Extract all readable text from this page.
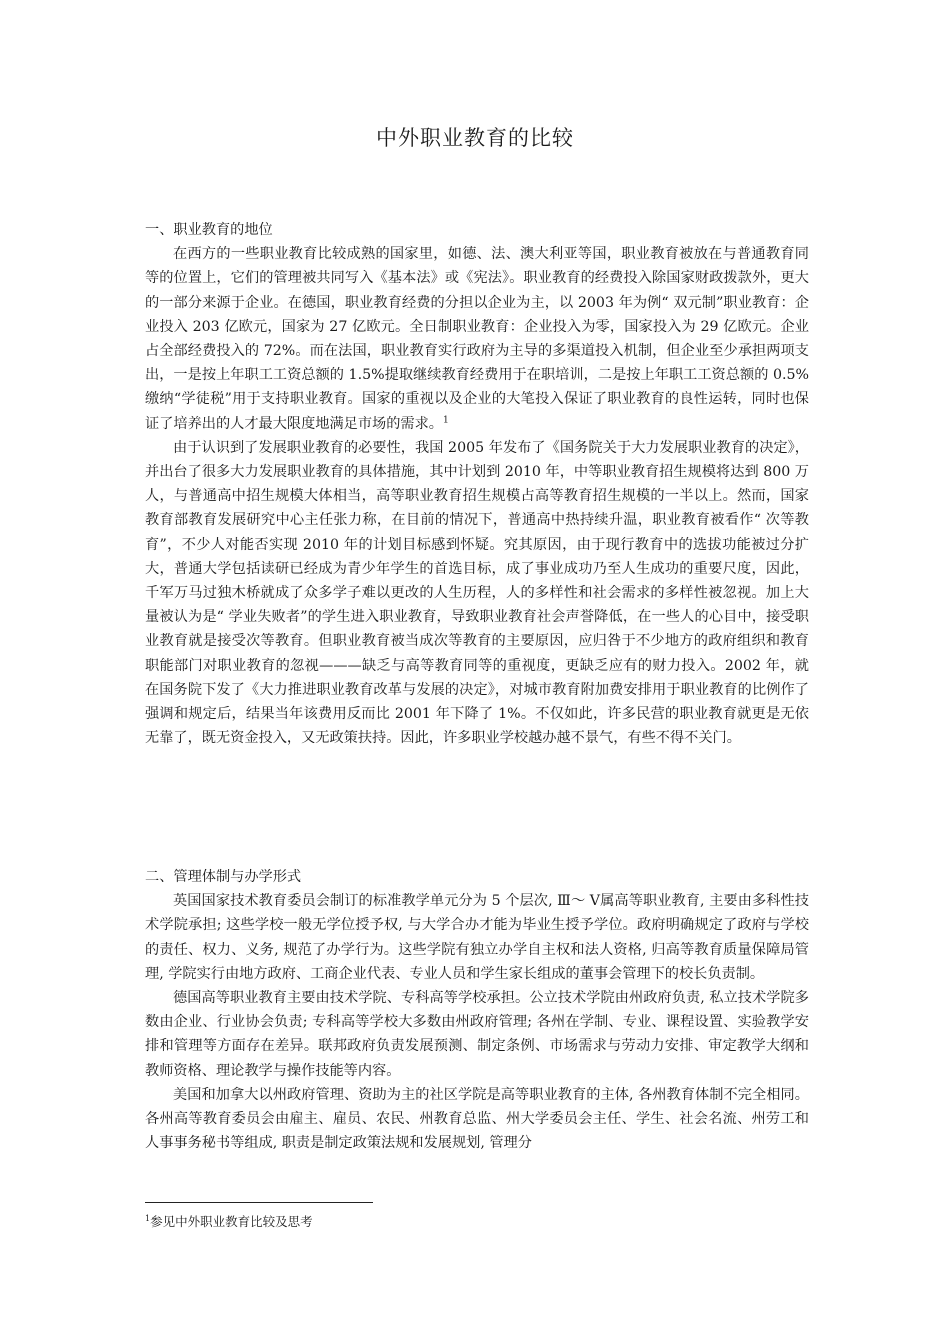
中外职业教育的比较

一、职业教育的地位

在西方的一些职业教育比较成熟的国家里，如德、法、澳大利亚等国，职业教育被放在与普通教育同等的位置上，它们的管理被共同写入《基本法》或《宪法》。职业教育的经费投入除国家财政拨款外，更大的一部分来源于企业。在德国，职业教育经费的分担以企业为主，以 2003 年为例“ 双元制”职业教育：企业投入 203 亿欧元，国家为 27 亿欧元。全日制职业教育：企业投入为零，国家投入为 29 亿欧元。企业占全部经费投入的 72%。而在法国，职业教育实行政府为主导的多渠道投入机制，但企业至少承担两项支出，一是按上年职工工资总额的 1.5%提取继续教育经费用于在职培训，二是按上年职工工资总额的 0.5%缴纳“学徒税”用于支持职业教育。国家的重视以及企业的大笔投入保证了职业教育的良性运转，同时也保证了培养出的人才最大限度地满足市场的需求。$^1$

由于认识到了发展职业教育的必要性，我国 2005 年发布了《国务院关于大力发展职业教育的决定》，并出台了很多大力发展职业教育的具体措施，其中计划到 2010 年，中等职业教育招生规模将达到 800 万人，与普通高中招生规模大体相当，高等职业教育招生规模占高等教育招生规模的一半以上。然而，国家教育部教育发展研究中心主任张力称，在目前的情况下，普通高中热持续升温，职业教育被看作“ 次等教育”，不少人对能否实现 2010 年的计划目标感到怀疑。究其原因，由于现行教育中的选拔功能被过分扩大，普通大学包括读研已经成为青少年学生的首选目标，成了事业成功乃至人生成功的重要尺度，因此，千军万马过独木桥就成了众多学子难以更改的人生历程，人的多样性和社会需求的多样性被忽视。加上大量被认为是“ 学业失败者”的学生进入职业教育，导致职业教育社会声誉降低，在一些人的心目中，接受职业教育就是接受次等教育。但职业教育被当成次等教育的主要原因，应归咎于不少地方的政府组织和教育职能部门对职业教育的忽视———缺乏与高等教育同等的重视度，更缺乏应有的财力投入。2002 年，就在国务院下发了《大力推进职业教育改革与发展的决定》，对城市教育附加费安排用于职业教育的比例作了强调和规定后，结果当年该费用反而比 2001 年下降了 1%。不仅如此，许多民营的职业教育就更是无依无靠了，既无资金投入，又无政策扶持。因此，许多职业学校越办越不景气，有些不得不关门。

二、管理体制与办学形式

英国国家技术教育委员会制订的标准教学单元分为 5 个层次, Ⅲ～ Ⅴ属高等职业教育, 主要由多科性技术学院承担; 这些学校一般无学位授予权, 与大学合办才能为毕业生授予学位。政府明确规定了政府与学校的责任、权力、义务, 规范了办学行为。这些学院有独立办学自主权和法人资格, 归高等教育质量保障局管理, 学院实行由地方政府、工商企业代表、专业人员和学生家长组成的董事会管理下的校长负责制。

德国高等职业教育主要由技术学院、专科高等学校承担。公立技术学院由州政府负责, 私立技术学院多数由企业、行业协会负责; 专科高等学校大多数由州政府管理; 各州在学制、专业、课程设置、实验教学安排和管理等方面存在差异。联邦政府负责发展预测、制定条例、市场需求与劳动力安排、审定教学大纲和教师资格、理论教学与操作技能等内容。

美国和加拿大以州政府管理、资助为主的社区学院是高等职业教育的主体, 各州教育体制不完全相同。各州高等教育委员会由雇主、雇员、农民、州教育总监、州大学委员会主任、学生、社会名流、州劳工和人事事务秘书等组成, 职责是制定政策法规和发展规划, 管理分

$^1$参见中外职业教育比较及思考
